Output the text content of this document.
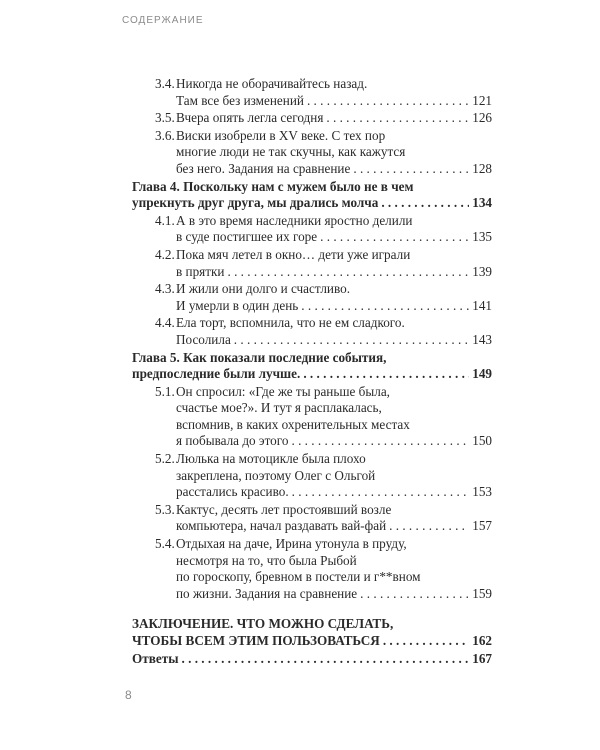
СОДЕРЖАНИЕ
3.4.Никогда не оборачивайтесь назад.
Там все без изменений . . .	121
3.5. Вчера опять легла сегодня . . .	126
3.6.Виски изобрели в XV веке. С тех пор
многие люди не так скучны, как кажутся
без него. Задания на сравнение . . .	128
Глава 4. Поскольку нам с мужем было не в чем
упрекнуть друг друга, мы дрались молча . . .	134
4.1.А в это время наследники яростно делили
в суде постигшее их горе . . .	135
4.2.Пока мяч летел в окно… дети уже играли
в прятки . . .	139
4.3.И жили они долго и счастливо.
И умерли в один день . . .	141
4.4.Ела торт, вспомнила, что не ем сладкого.
Посолила . . .	143
Глава 5. Как показали последние события,
предпоследние были лучше. . . .	149
5.1.Он спросил: «Где же ты раньше была,
счастье мое?». И тут я расплакалась,
вспомнив, в каких охренительных местах
я побывала до этого . . .	150
5.2.Люлька на мотоцикле была плохо
закреплена, поэтому Олег с Ольгой
расстались красиво. . . .	153
5.3.Кактус, десять лет простоявший возле
компьютера, начал раздавать вай-фай . . .	157
5.4.Отдыхая на даче, Ирина утонула в пруду,
несмотря на то, что была Рыбой
по гороскопу, бревном в постели и г**вном
по жизни. Задания на сравнение . . .	159
ЗАКЛЮЧЕНИЕ. ЧТО МОЖНО СДЕЛАТЬ,
ЧТОБЫ ВСЕМ ЭТИМ ПОЛЬЗОВАТЬСЯ . . .	162
Ответы . . .	167
8
